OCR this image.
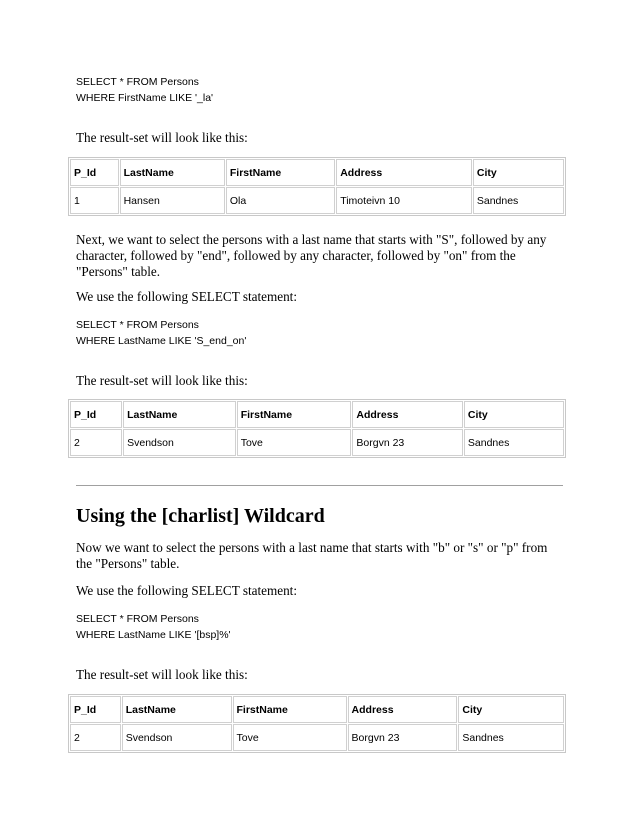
SELECT * FROM Persons
WHERE FirstName LIKE '_la'
The result-set will look like this:
P_Id	LastName	FirstName	Address	City
1	Hansen	Ola	Timoteivn 10	Sandnes
Next, we want to select the persons with a last name that starts with "S", followed by any character, followed by "end", followed by any character, followed by "on" from the "Persons" table.
We use the following SELECT statement:
SELECT * FROM Persons
WHERE LastName LIKE 'S_end_on'
The result-set will look like this:
P_Id	LastName	FirstName	Address	City
2	Svendson	Tove	Borgvn 23	Sandnes
Using the [charlist] Wildcard
Now we want to select the persons with a last name that starts with "b" or "s" or "p" from the "Persons" table.
We use the following SELECT statement:
SELECT * FROM Persons
WHERE LastName LIKE '[bsp]%'
The result-set will look like this:
P_Id	LastName	FirstName	Address	City
2	Svendson	Tove	Borgvn 23	Sandnes
